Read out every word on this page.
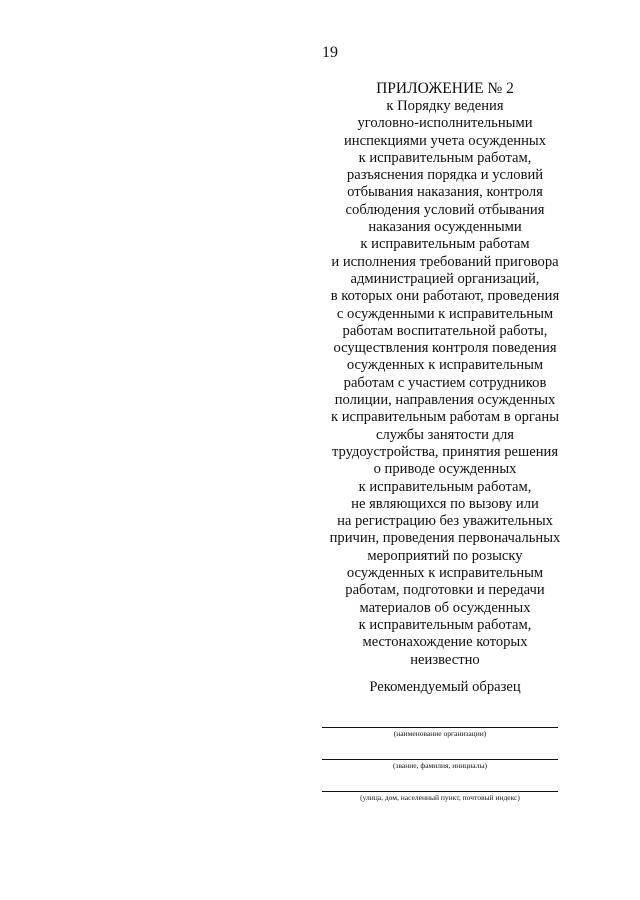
19

ПРИЛОЖЕНИЕ № 2

к Порядку ведения
уголовно-исполнительными
инспекциями учета осужденных
к исправительным работам,
разъяснения порядка и условий
отбывания наказания, контроля
соблюдения условий отбывания
наказания осужденными
к исправительным работам
и исполнения требований приговора
администрацией организаций,
в которых они работают, проведения
с осужденными к исправительным
работам воспитательной работы,
осуществления контроля поведения
осужденных к исправительным
работам с участием сотрудников
полиции, направления осужденных
к исправительным работам в органы
службы занятости для
трудоустройства, принятия решения
о приводе осужденных
к исправительным работам,
не являющихся по вызову или
на регистрацию без уважительных
причин, проведения первоначальных
мероприятий по розыску
осужденных к исправительным
работам, подготовки и передачи
материалов об осужденных
к исправительным работам,
местонахождение которых
неизвестно
Рекомендуемый образец
(наименование организации)
(звание, фамилия, инициалы)
(улица, дом, населенный пункт, почтовый индекс)
